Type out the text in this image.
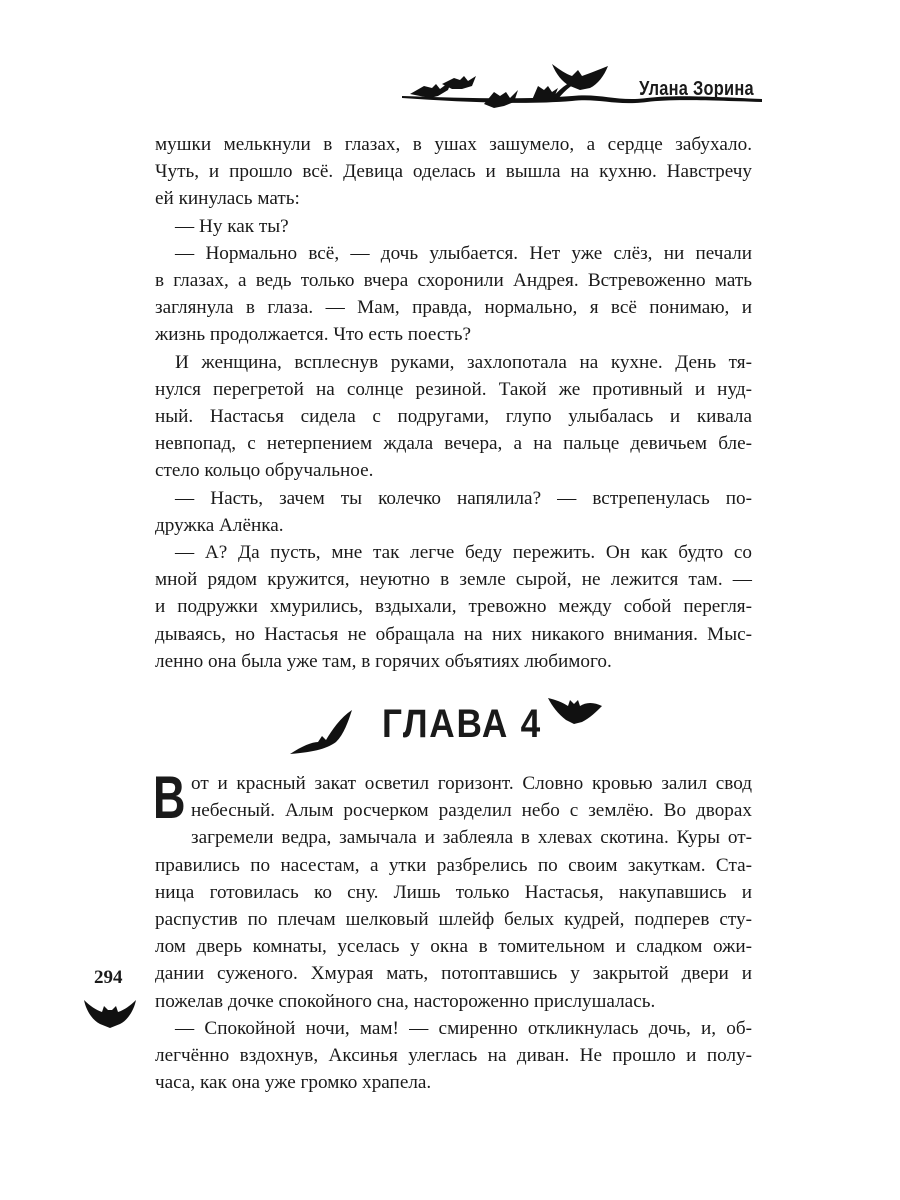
Улана Зорина

мушки мелькнули в глазах, в ушах зашумело, а сердце забухало.

Чуть, и прошло всё. Девица оделась и вышла на кухню. Навстречу

ей кинулась мать:

— Ну как ты?

— Нормально всё, — дочь улыбается. Нет уже слёз, ни печали

в глазах, а ведь только вчера схоронили Андрея. Встревоженно мать

заглянула в глаза. — Мам, правда, нормально, я всё понимаю, и

жизнь продолжается. Что есть поесть?

И женщина, всплеснув руками, захлопотала на кухне. День тя-

нулся перегретой на солнце резиной. Такой же противный и нуд-

ный. Настасья сидела с подругами, глупо улыбалась и кивала

невпопад, с нетерпением ждала вечера, а на пальце девичьем бле-

стело кольцо обручальное.

— Насть, зачем ты колечко напялила? — встрепенулась по-

дружка Алёнка.

— А? Да пусть, мне так легче беду пережить. Он как будто со

мной рядом кружится, неуютно в земле сырой, не лежится там. —

и подружки хмурились, вздыхали, тревожно между собой перегля-

дываясь, но Настасья не обращала на них никакого внимания. Мыс-

ленно она была уже там, в горячих объятиях любимого.

ГЛАВА 4
В от и красный закат осветил горизонт. Словно кровью залил свод

небесный. Алым росчерком разделил небо с землёю. Во дворах

загремели ведра, замычала и заблеяла в хлевах скотина. Куры от-

правились по насестам, а утки разбрелись по своим закуткам. Ста-

ница готовилась ко сну. Лишь только Настасья, накупавшись и

распустив по плечам шелковый шлейф белых кудрей, подперев сту-

лом дверь комнаты, уселась у окна в томительном и сладком ожи-

дании суженого. Хмурая мать, потоптавшись у закрытой двери и

пожелав дочке спокойного сна, настороженно прислушалась.

— Спокойной ночи, мам! — смиренно откликнулась дочь, и, об-

легчённо вздохнув, Аксинья улеглась на диван. Не прошло и полу-

часа, как она уже громко храпела.

294
